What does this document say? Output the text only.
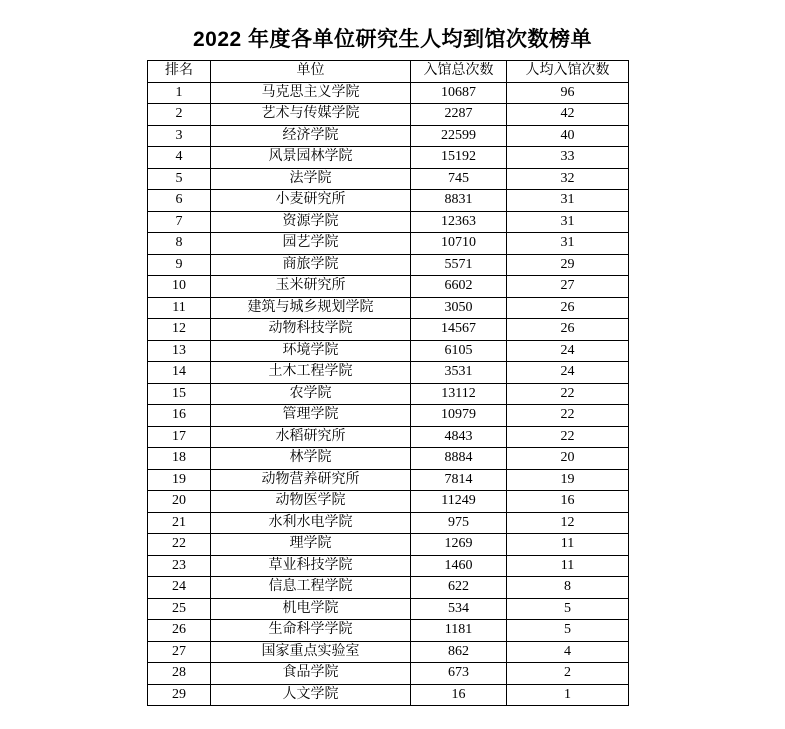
2022 年度各单位研究生人均到馆次数榜单
排名	单位	入馆总次数	人均入馆次数
1	马克思主义学院	10687	96
2	艺术与传媒学院	2287	42
3	经济学院	22599	40
4	风景园林学院	15192	33
5	法学院	745	32
6	小麦研究所	8831	31
7	资源学院	12363	31
8	园艺学院	10710	31
9	商旅学院	5571	29
10	玉米研究所	6602	27
11	建筑与城乡规划学院	3050	26
12	动物科技学院	14567	26
13	环境学院	6105	24
14	土木工程学院	3531	24
15	农学院	13112	22
16	管理学院	10979	22
17	水稻研究所	4843	22
18	林学院	8884	20
19	动物营养研究所	7814	19
20	动物医学院	11249	16
21	水利水电学院	975	12
22	理学院	1269	11
23	草业科技学院	1460	11
24	信息工程学院	622	8
25	机电学院	534	5
26	生命科学学院	1181	5
27	国家重点实验室	862	4
28	食品学院	673	2
29	人文学院	16	1
